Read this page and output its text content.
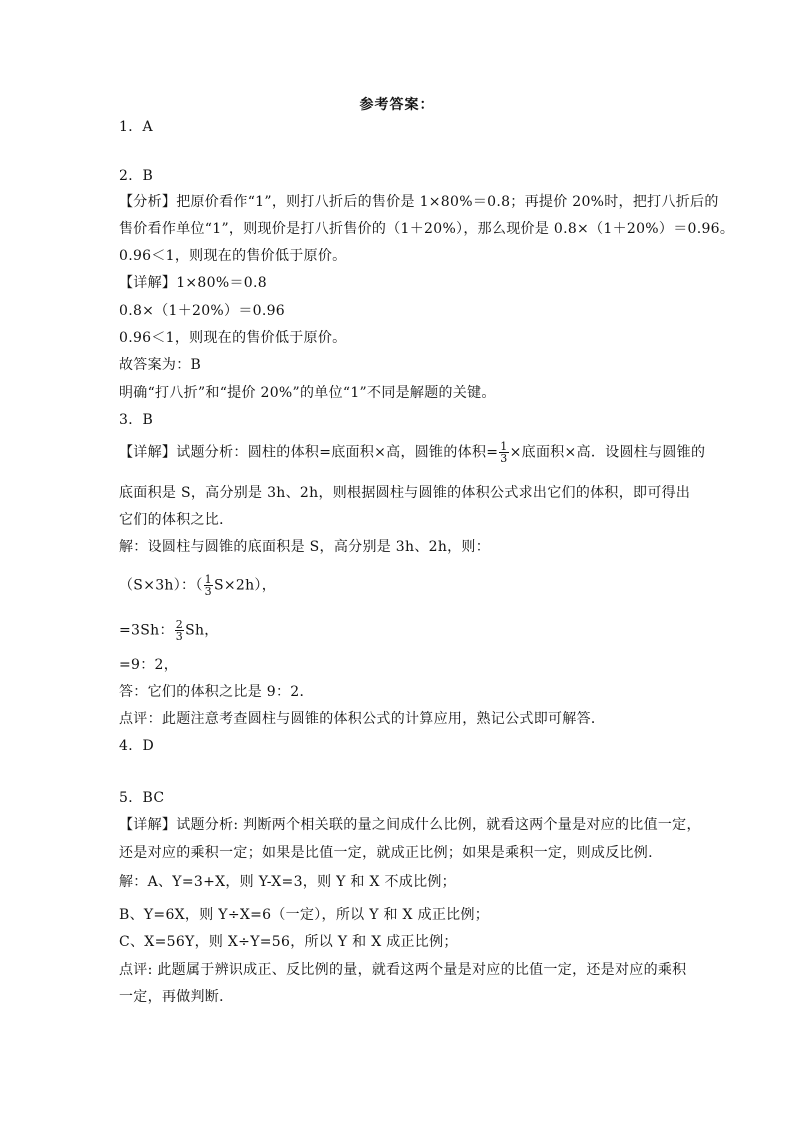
参考答案：
1．A
2．B
【分析】把原价看作“1”，则打八折后的售价是 1×80%＝0.8；再提价 20%时，把打八折后的
售价看作单位“1”，则现价是打八折售价的（1＋20%），那么现价是 0.8×（1＋20%）＝0.96。
0.96＜1，则现在的售价低于原价。
【详解】1×80%＝0.8
0.8×（1＋20%）＝0.96
0.96＜1，则现在的售价低于原价。
故答案为：B
明确“打八折”和“提价 20%”的单位“1”不同是解题的关键。
3．B
【详解】试题分析：圆柱的体积=底面积×高，圆锥的体积= $\frac{1}{3}$ ×底面积×高．设圆柱与圆锥的
底面积是 S，高分别是 3h、2h，则根据圆柱与圆锥的体积公式求出它们的体积，即可得出
它们的体积之比．
解：设圆柱与圆锥的底面积是 S，高分别是 3h、2h，则：
（S×3h）：（ $\frac{1}{3} S\times 2h$），
=3Sh： $\frac{2}{3}$ Sh，
=9：2，
答：它们的体积之比是 9：2．
点评：此题注意考查圆柱与圆锥的体积公式的计算应用，熟记公式即可解答．
4．D
5．BC
【详解】试题分析: 判断两个相关联的量之间成什么比例，就看这两个量是对应的比值一定，
还是对应的乘积一定；如果是比值一定，就成正比例；如果是乘积一定，则成反比例.
解：A、Y=3+X，则 Y-X=3，则 Y 和 X 不成比例；
B、Y=6X，则 Y÷X=6（一定），所以 Y 和 X 成正比例；
C、X=56Y，则 X÷Y=56，所以 Y 和 X 成正比例；
点评: 此题属于辨识成正、反比例的量，就看这两个量是对应的比值一定，还是对应的乘积
一定，再做判断．
